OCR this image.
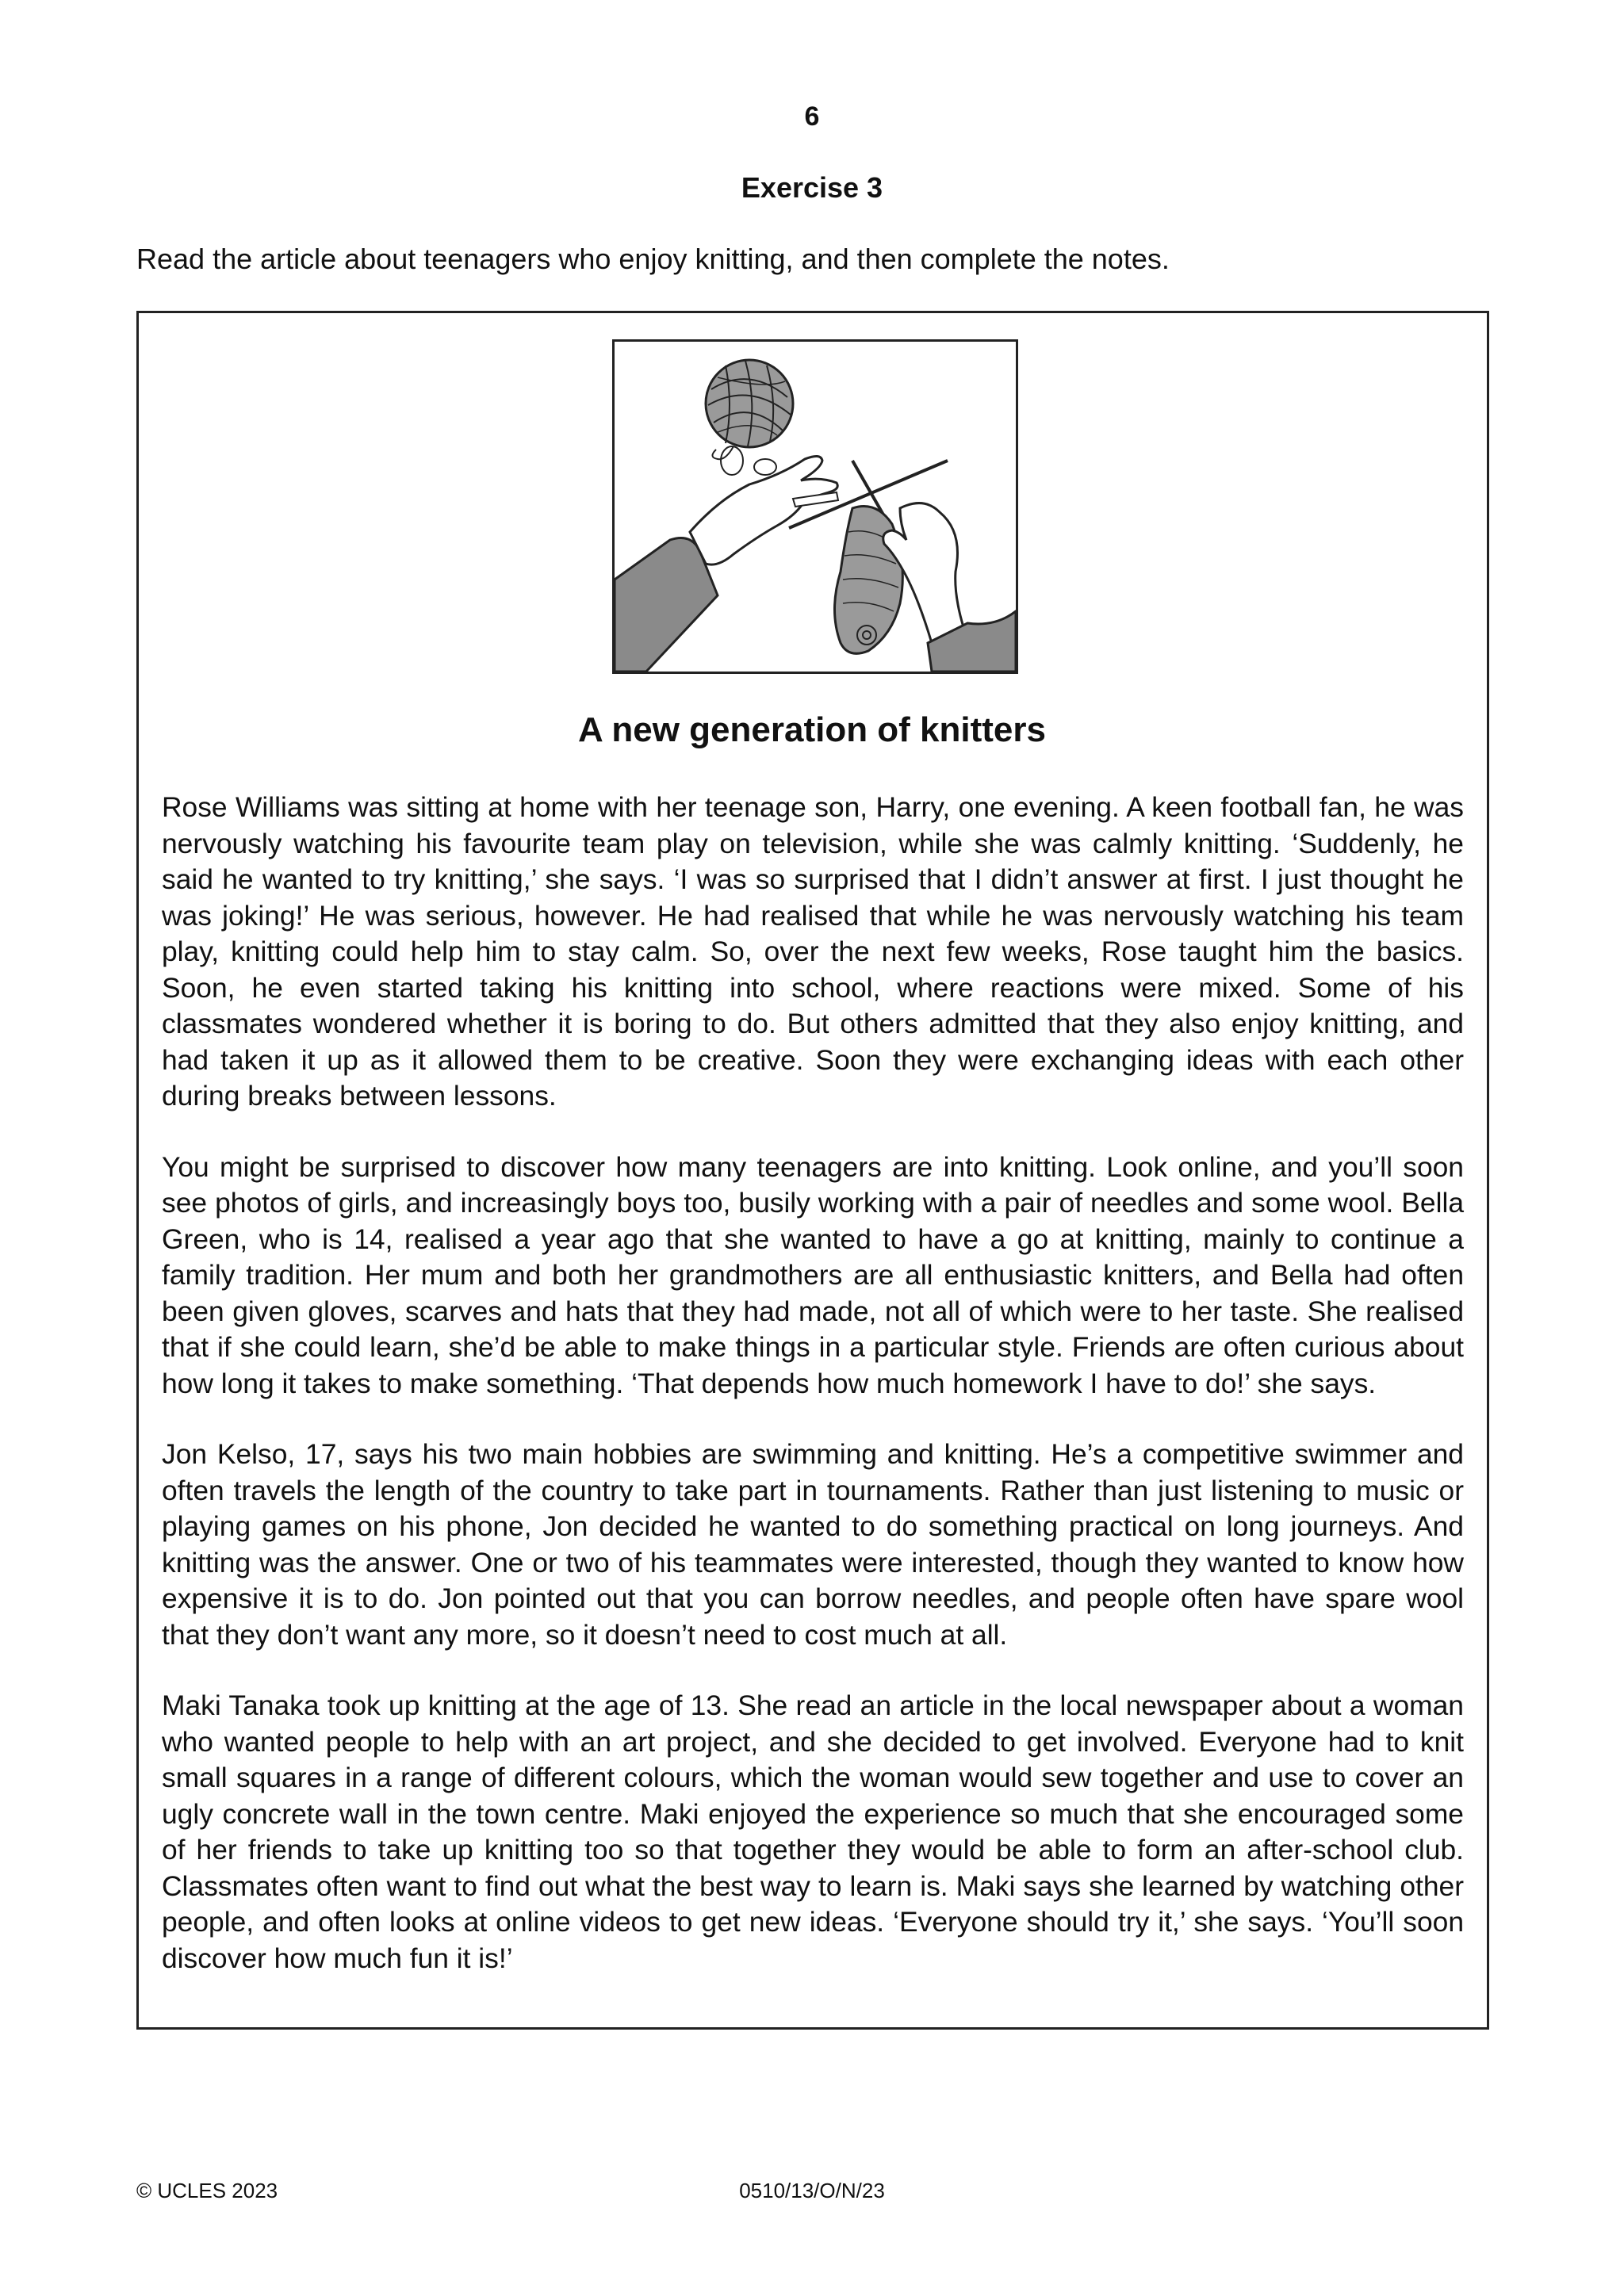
6
Exercise 3
Read the article about teenagers who enjoy knitting, and then complete the notes.
A new generation of knitters

Rose Williams was sitting at home with her teenage son, Harry, one evening. A keen football fan, he was nervously watching his favourite team play on television, while she was calmly knitting. ‘Suddenly, he said he wanted to try knitting,’ she says. ‘I was so surprised that I didn’t answer at first. I just thought he was joking!’ He was serious, however. He had realised that while he was nervously watching his team play, knitting could help him to stay calm. So, over the next few weeks, Rose taught him the basics. Soon, he even started taking his knitting into school, where reactions were mixed. Some of his classmates wondered whether it is boring to do. But others admitted that they also enjoy knitting, and had taken it up as it allowed them to be creative. Soon they were exchanging ideas with each other during breaks between lessons.

You might be surprised to discover how many teenagers are into knitting. Look online, and you’ll soon see photos of girls, and increasingly boys too, busily working with a pair of needles and some wool. Bella Green, who is 14, realised a year ago that she wanted to have a go at knitting, mainly to continue a family tradition. Her mum and both her grandmothers are all enthusiastic knitters, and Bella had often been given gloves, scarves and hats that they had made, not all of which were to her taste. She realised that if she could learn, she’d be able to make things in a particular style. Friends are often curious about how long it takes to make something. ‘That depends how much homework I have to do!’ she says.

Jon Kelso, 17, says his two main hobbies are swimming and knitting. He’s a competitive swimmer and often travels the length of the country to take part in tournaments. Rather than just listening to music or playing games on his phone, Jon decided he wanted to do something practical on long journeys. And knitting was the answer. One or two of his teammates were interested, though they wanted to know how expensive it is to do. Jon pointed out that you can borrow needles, and people often have spare wool that they don’t want any more, so it doesn’t need to cost much at all.

Maki Tanaka took up knitting at the age of 13. She read an article in the local newspaper about a woman who wanted people to help with an art project, and she decided to get involved. Everyone had to knit small squares in a range of different colours, which the woman would sew together and use to cover an ugly concrete wall in the town centre. Maki enjoyed the experience so much that she encouraged some of her friends to take up knitting too so that together they would be able to form an after-school club. Classmates often want to find out what the best way to learn is. Maki says she learned by watching other people, and often looks at online videos to get new ideas. ‘Everyone should try it,’ she says. ‘You’ll soon discover how much fun it is!’

© UCLES 2023	0510/13/O/N/23
